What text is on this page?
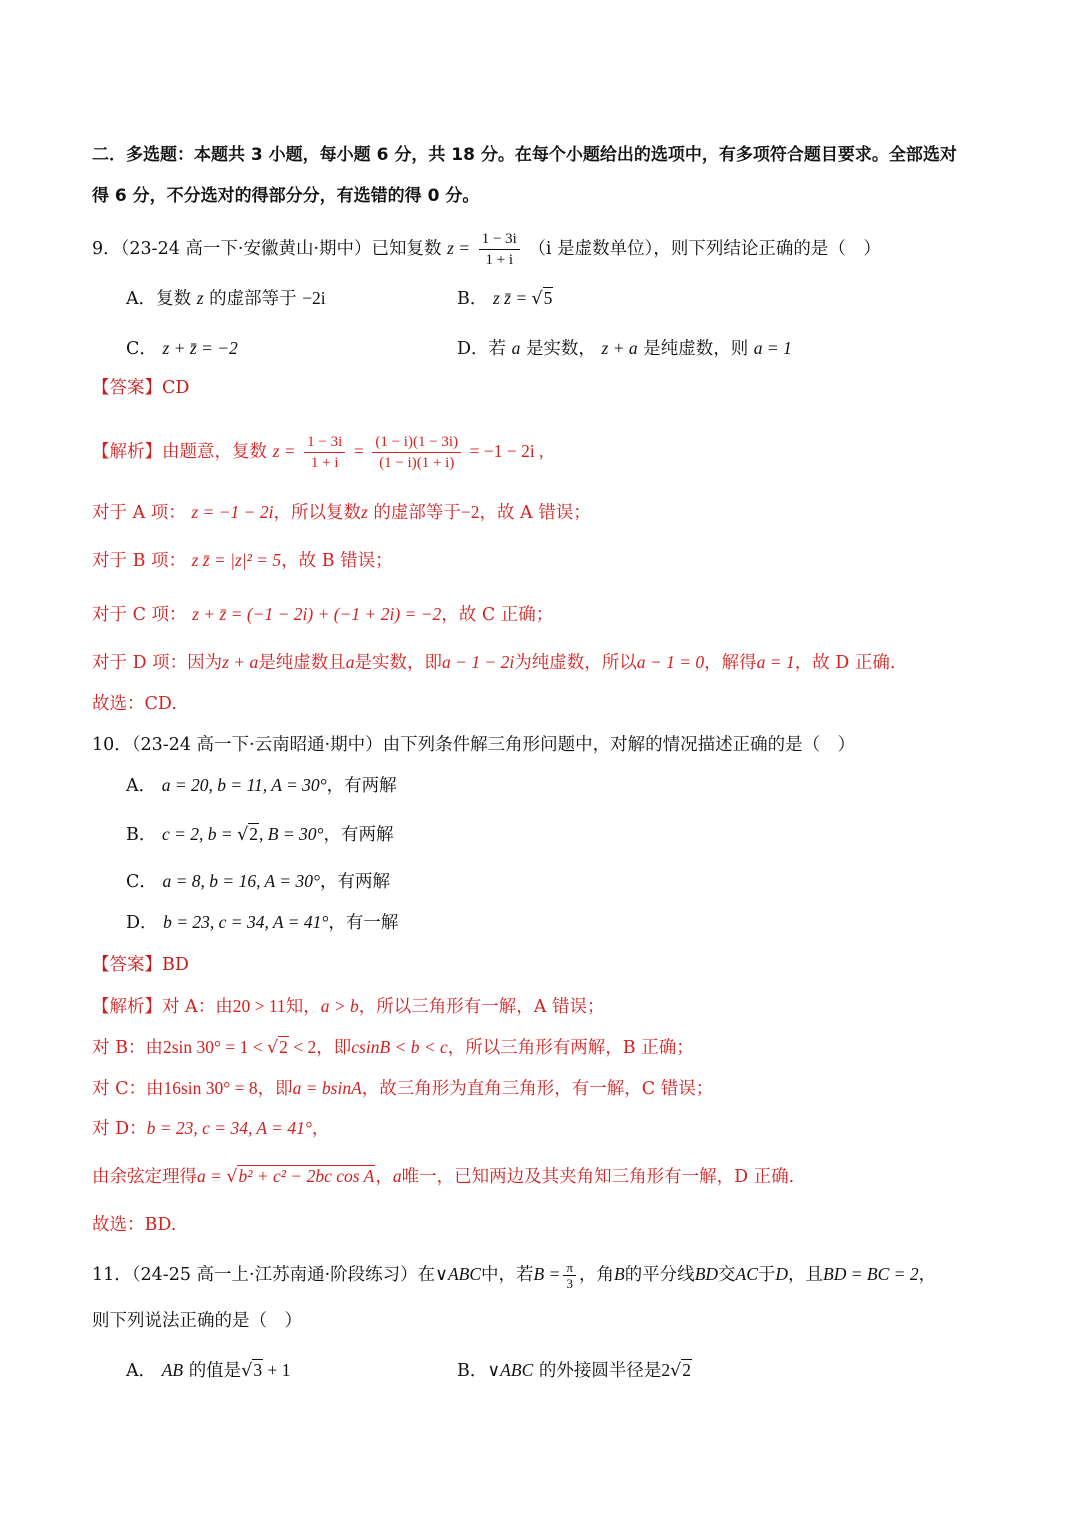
二．多选题：本题共 3 小题，每小题 6 分，共 18 分。在每个小题给出的选项中，有多项符合题目要求。全部选对
得 6 分，不分选对的得部分分，有选错的得 0 分。
9．（23-24 高一下·安徽黄山·期中）已知复数 $z = \frac{1 - 3i}{1 + i} (i$ 是虚数单位），则下列结论正确的是（　）
A．复数 z 的虚部等于 −2i	B． z z̄ = √5
C． z + z̄ = −2	D．若 a 是实数， z + a 是纯虚数，则 a = 1
【答案】CD
【解析】由题意，复数 $z = \frac{1 - 3i}{1 + i} = \frac{(1 - i)(1 - 3i)}{(1 - i)(1 + i)} = -1 - 2i$ ,
对于 A 项： z = −1 − 2i，所以复数z 的虚部等于−2，故 A 错误；
对于 B 项： z z̄ = |z|² = 5，故 B 错误；
对于 C 项： z + z̄ = (−1 − 2i) + (−1 + 2i) = −2，故 C 正确；
对于 D 项：因为z + a是纯虚数且a是实数，即a − 1 − 2i为纯虚数，所以a − 1 = 0，解得a = 1，故 D 正确.
故选：CD.
10．（23-24 高一下·云南昭通·期中）由下列条件解三角形问题中，对解的情况描述正确的是（　）
A． a = 20, b = 11, A = 30°，有两解
B． c = 2, b = √2, B = 30°，有两解
C． a = 8, b = 16, A = 30°，有两解
D． b = 23, c = 34, A = 41°，有一解
【答案】BD
【解析】对 A：由20 > 11知，a > b，所以三角形有一解，A 错误；
对 B：由2sin 30° = 1 < √2 < 2，即csinB < b < c，所以三角形有两解，B 正确；
对 C：由16sin 30° = 8，即a = bsinA，故三角形为直角三角形，有一解，C 错误；
对 D：b = 23, c = 34, A = 41°，
由余弦定理得a = √b² + c² − 2bc cos A，a唯一，已知两边及其夹角知三角形有一解，D 正确.
故选：BD.
11．（24-25 高一上·江苏南通·阶段练习）在∨ABC中，若$B = \frac{\pi}{3}$ ，角B的平分线BD交AC于D，且BD = BC = 2，
则下列说法正确的是（　）
A． AB 的值是√3 + 1	B．∨ABC 的外接圆半径是2√2
